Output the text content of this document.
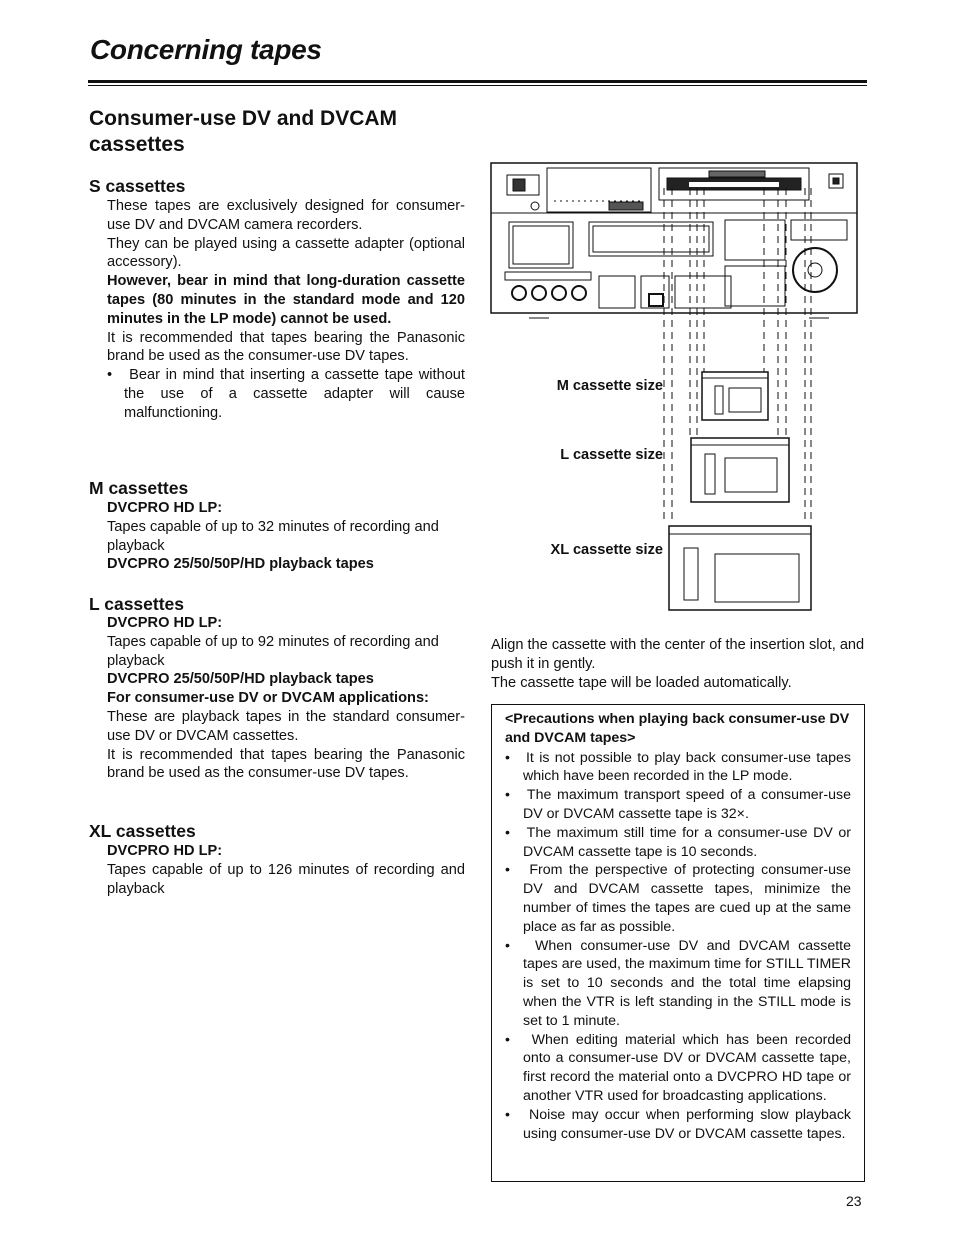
Concerning tapes
Consumer-use DV and DVCAM cassettes
S cassettes

These tapes are exclusively designed for consumer-use DV and DVCAM camera recorders.

They can be played using a cassette adapter (optional accessory).

However, bear in mind that long-duration cassette tapes (80 minutes in the standard mode and 120 minutes in the LP mode) cannot be used.

It is recommended that tapes bearing the Panasonic brand be used as the consumer-use DV tapes.

•   Bear in mind that inserting a cassette tape without the use of a cassette adapter will cause malfunctioning.

M cassettes

DVCPRO HD LP:

Tapes capable of up to 32 minutes of recording and playback

DVCPRO 25/50/50P/HD playback tapes

L cassettes

DVCPRO HD LP:

Tapes capable of up to 92 minutes of recording and playback

DVCPRO 25/50/50P/HD playback tapes

For consumer-use DV or DVCAM applications:

These are playback tapes in the standard consumer-use DV or DVCAM cassettes.

It is recommended that tapes bearing the Panasonic brand be used as the consumer-use DV tapes.

XL cassettes

DVCPRO HD LP:

Tapes capable of up to 126 minutes of recording and playback

M cassette size
L cassette size
XL cassette size

Align the cassette with the center of the insertion slot, and push it in gently.

The cassette tape will be loaded automatically.

<Precautions when playing back consumer-use DV and DVCAM tapes>

•   It is not possible to play back consumer-use tapes which have been recorded in the LP mode.
•   The maximum transport speed of a consumer-use DV or DVCAM cassette tape is 32×.
•   The maximum still time for a consumer-use DV or DVCAM cassette tape is 10 seconds.
•   From the perspective of protecting consumer-use DV and DVCAM cassette tapes, minimize the number of times the tapes are cued up at the same place as far as possible.
•   When consumer-use DV and DVCAM cassette tapes are used, the maximum time for STILL TIMER is set to 10 seconds and the total time elapsing when the VTR is left standing in the STILL mode is set to 1 minute.
•   When editing material which has been recorded onto a consumer-use DV or DVCAM cassette tape, first record the material onto a DVCPRO HD tape or another VTR used for broadcasting applications.
•   Noise may occur when performing slow playback using consumer-use DV or DVCAM cassette tapes.
23
